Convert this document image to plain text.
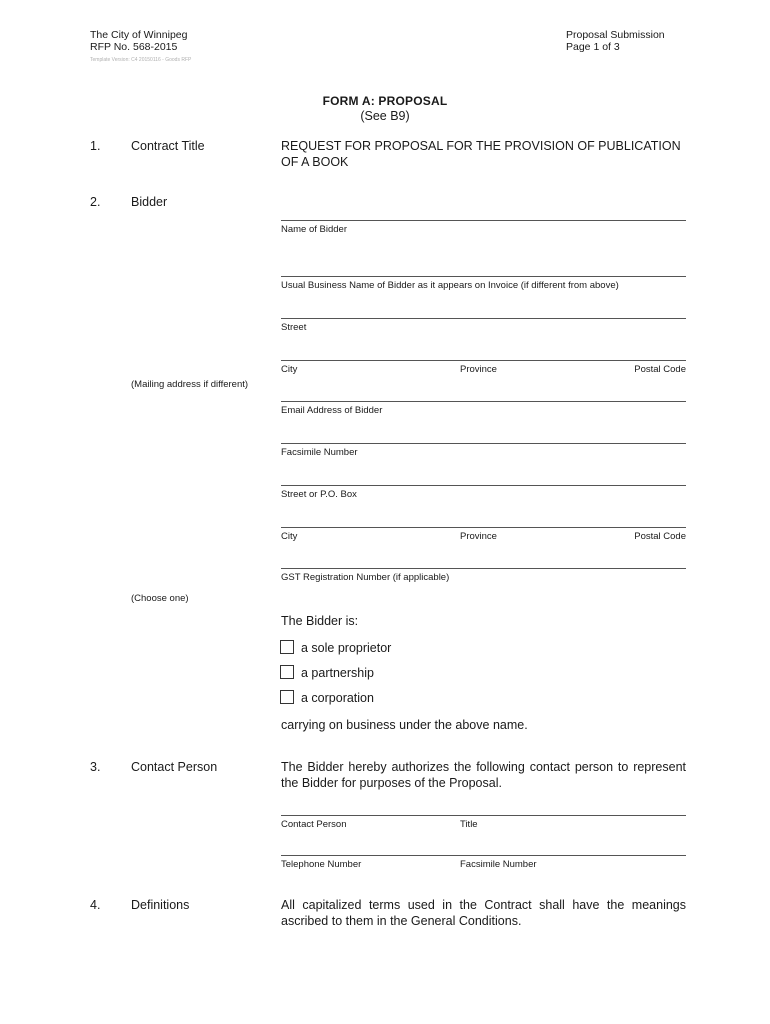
The City of Winnipeg
RFP No. 568-2015
Template Version: C4 20150116 - Goods RFP
Proposal Submission
Page 1 of 3
FORM A: PROPOSAL
(See B9)
1. Contract Title	REQUEST FOR PROPOSAL FOR THE PROVISION OF PUBLICATION
OF A BOOK
2. Bidder
Name of Bidder
Usual Business Name of Bidder as it appears on Invoice (if different from above)
Street
City	Province	Postal Code
(Mailing address if different)
Email Address of Bidder
Facsimile Number
Street or P.O. Box
City	Province	Postal Code
GST Registration Number (if applicable)
(Choose one)
The Bidder is:
a sole proprietor
a partnership
a corporation
carrying on business under the above name.
3. Contact Person	The Bidder hereby authorizes the following contact person to represent the Bidder for purposes of the Proposal.
Contact Person	Title
Telephone Number	Facsimile Number
4. Definitions	All capitalized terms used in the Contract shall have the meanings ascribed to them in the General Conditions.
